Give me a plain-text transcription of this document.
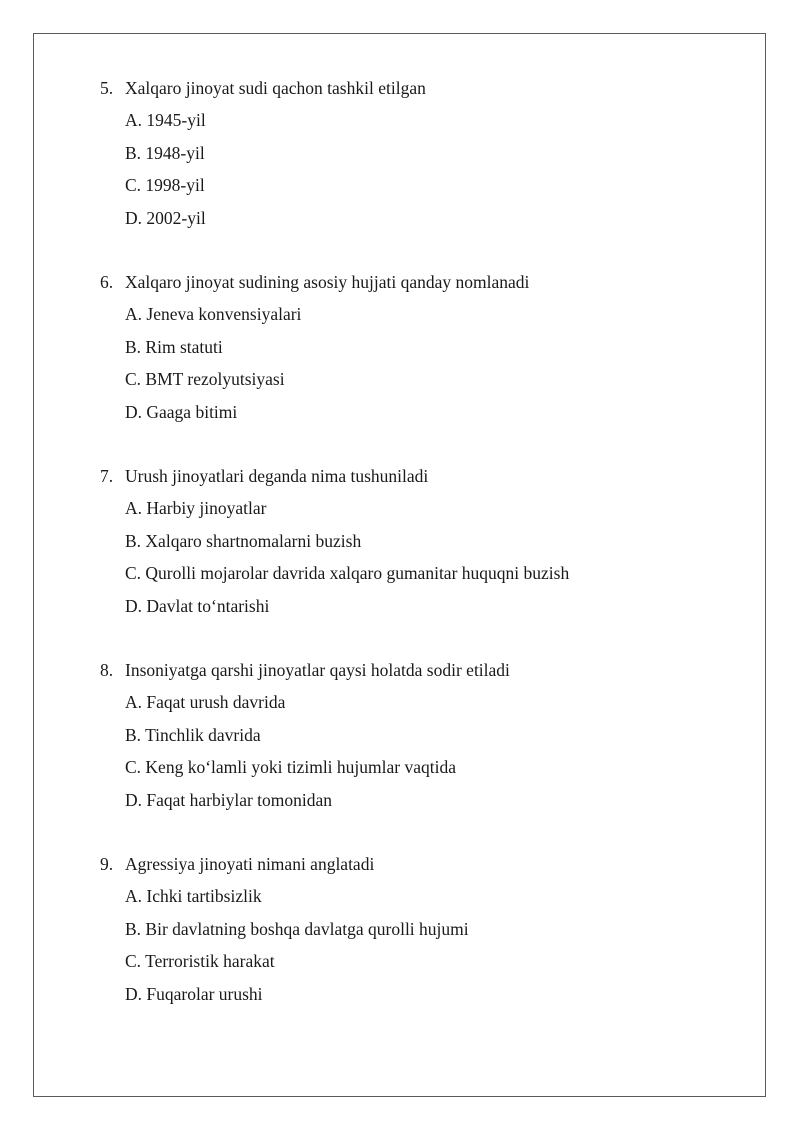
5. Xalqaro jinoyat sudi qachon tashkil etilgan
A. 1945-yil
B. 1948-yil
C. 1998-yil
D. 2002-yil
6. Xalqaro jinoyat sudining asosiy hujjati qanday nomlanadi
A. Jeneva konvensiyalari
B. Rim statuti
C. BMT rezolyutsiyasi
D. Gaaga bitimi
7. Urush jinoyatlari deganda nima tushuniladi
A. Harbiy jinoyatlar
B. Xalqaro shartnomalarni buzish
C. Qurolli mojarolar davrida xalqaro gumanitar huquqni buzish
D. Davlat to‘ntarishi
8. Insoniyatga qarshi jinoyatlar qaysi holatda sodir etiladi
A. Faqat urush davrida
B. Tinchlik davrida
C. Keng ko‘lamli yoki tizimli hujumlar vaqtida
D. Faqat harbiylar tomonidan
9. Agressiya jinoyati nimani anglatadi
A. Ichki tartibsizlik
B. Bir davlatning boshqa davlatga qurolli hujumi
C. Terroristik harakat
D. Fuqarolar urushi
